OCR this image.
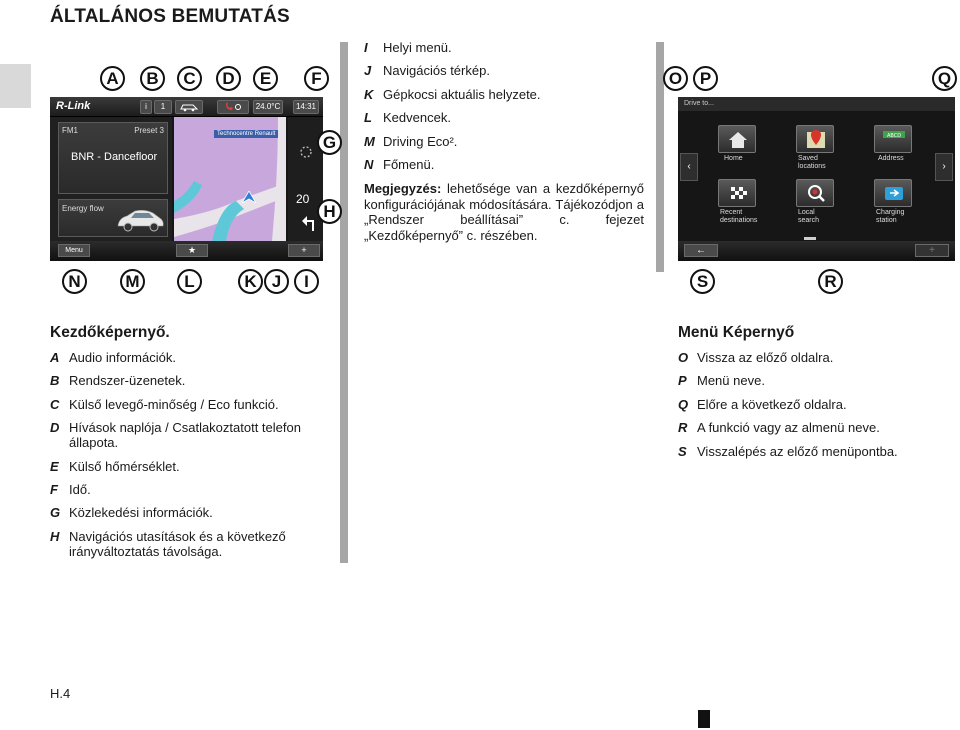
ÁLTALÁNOS BEMUTATÁS
A	B	C	D	E	F
R-Link	i	1	24.0°C	14:31
FM1	Preset 3
BNR - Dancefloor
Energy flow
Technocentre Renault
20
Menu	★	+
G
H
N	M	L	K J	I
I Helyi menü.
J Navigációs térkép.
K Gépkocsi aktuális helyzete.
L Kedvencek.
M Driving Eco².
N Főmenü.
Megjegyzés: lehetősége van a kezdőképernyő konfigurációjának módosítására. Tájékozódjon a „Rendszer beállításai” c. fejezet „Kezdőképernyő” c. részében.
O	P	Q
Drive to...
‹	›
Home	Saved
locations
ABCD
Address
Recent
destinations
Local
search
Charging
station
←	+
S	R
Kezdőképernyő.
A Audio információk.
B Rendszer-üzenetek.
C Külső levegő-minőség / Eco funkció.
D Hívások naplója / Csatlakoztatott telefon állapota.
E Külső hőmérséklet.
F Idő.
G Közlekedési információk.
H Navigációs utasítások és a következő irányváltoztatás távolsága.
Menü Képernyő
O Vissza az előző oldalra.
P Menü neve.
Q Előre a következő oldalra.
R A funkció vagy az almenü neve.
S Visszalépés az előző menüpontba.
H.4
